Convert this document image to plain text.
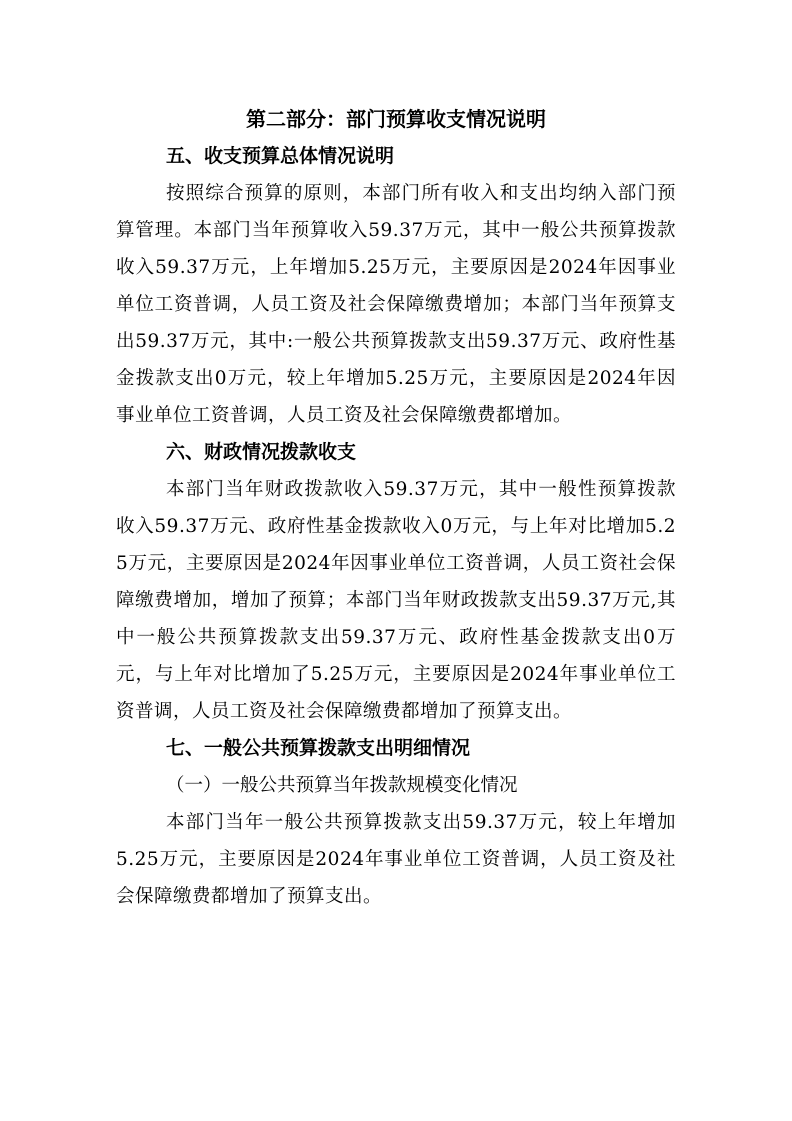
第二部分：部门预算收支情况说明
五、收支预算总体情况说明

按照综合预算的原则，本部门所有收入和支出均纳入部门预算管理。本部门当年预算收入59.37万元，其中一般公共预算拨款收入59.37万元，上年增加5.25万元，主要原因是2024年因事业单位工资普调，人员工资及社会保障缴费增加；本部门当年预算支出59.37万元，其中:一般公共预算拨款支出59.37万元、政府性基金拨款支出0万元，较上年增加5.25万元，主要原因是2024年因事业单位工资普调，人员工资及社会保障缴费都增加。

六、财政情况拨款收支

本部门当年财政拨款收入59.37万元，其中一般性预算拨款收入59.37万元、政府性基金拨款收入0万元，与上年对比增加5.25万元，主要原因是2024年因事业单位工资普调，人员工资社会保障缴费增加，增加了预算；本部门当年财政拨款支出59.37万元,其中一般公共预算拨款支出59.37万元、政府性基金拨款支出0万元，与上年对比增加了5.25万元，主要原因是2024年事业单位工资普调，人员工资及社会保障缴费都增加了预算支出。

七、一般公共预算拨款支出明细情况

（一）一般公共预算当年拨款规模变化情况

本部门当年一般公共预算拨款支出59.37万元，较上年增加5.25万元，主要原因是2024年事业单位工资普调，人员工资及社会保障缴费都增加了预算支出。
